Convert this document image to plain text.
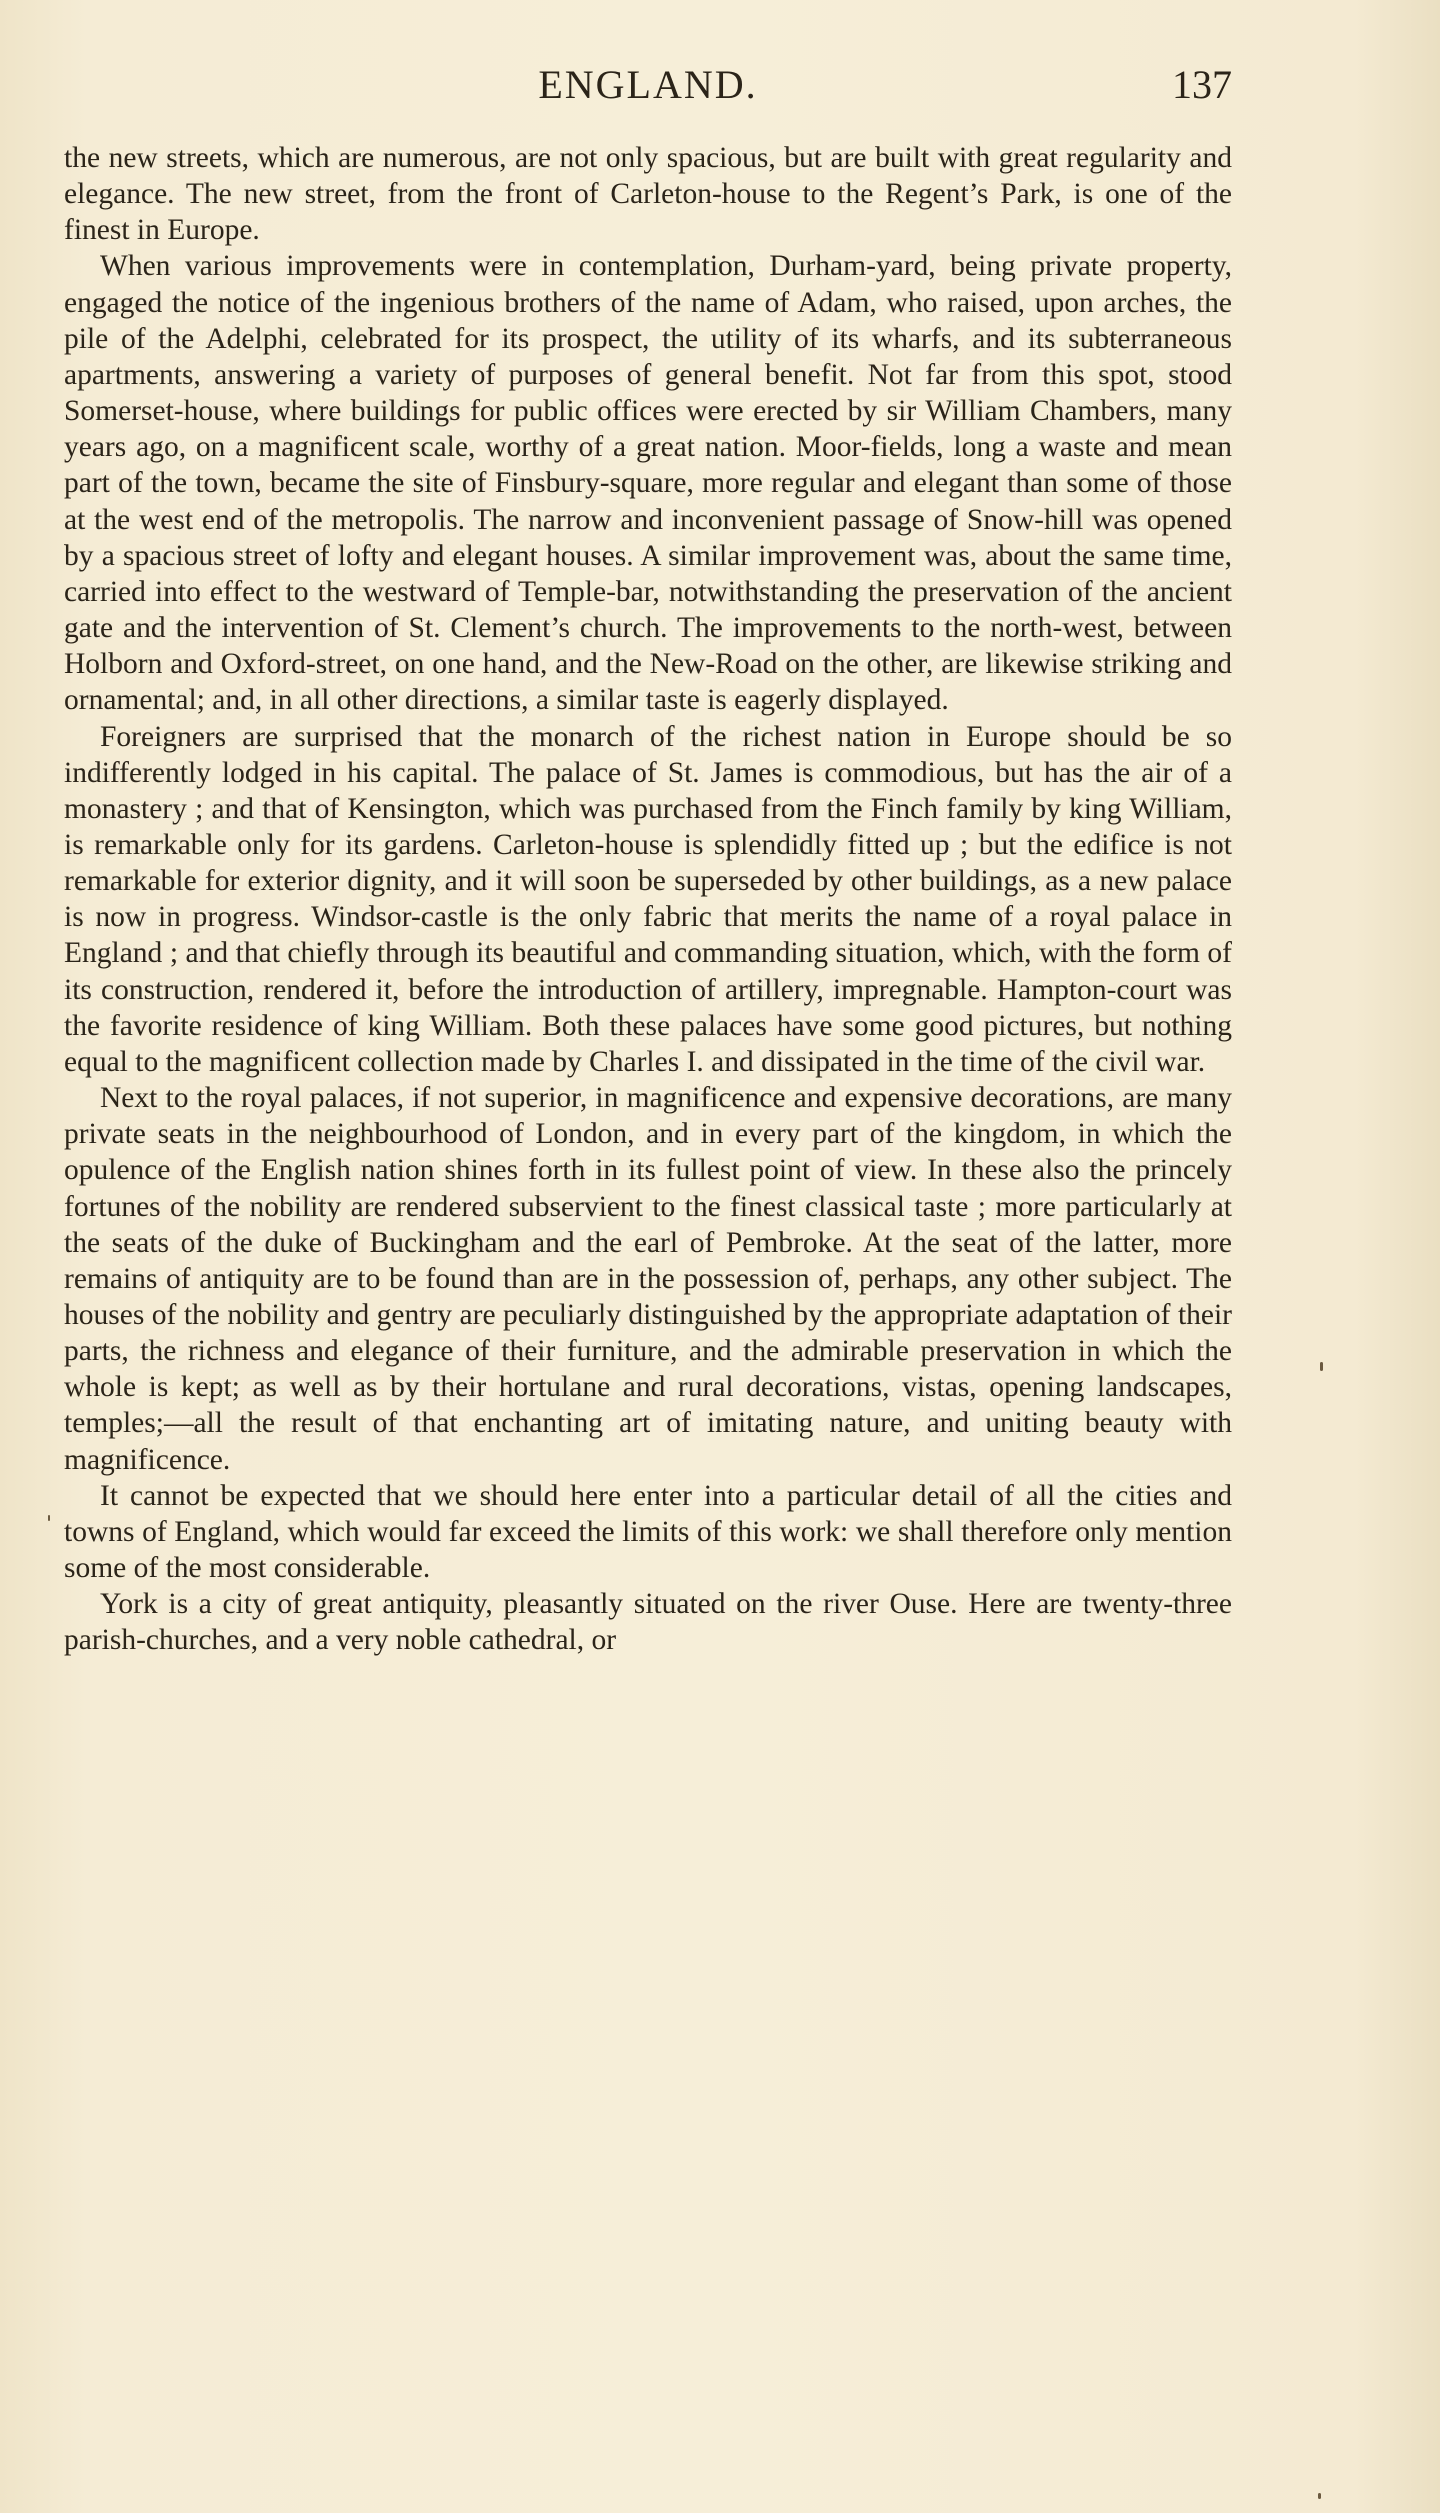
ENGLAND.	137

the new streets, which are numerous, are not only spacious, but are built with great regularity and elegance. The new street, from the front of Carleton-house to the Regent’s Park, is one of the finest in Europe.

When various improvements were in contemplation, Durham-yard, being private property, engaged the notice of the ingenious brothers of the name of Adam, who raised, upon arches, the pile of the Adelphi, celebrated for its prospect, the utility of its wharfs, and its subterraneous apartments, answering a variety of purposes of general benefit. Not far from this spot, stood Somerset-house, where buildings for public offices were erected by sir William Chambers, many years ago, on a magnificent scale, worthy of a great nation. Moor-fields, long a waste and mean part of the town, became the site of Finsbury-square, more regular and elegant than some of those at the west end of the metropolis. The narrow and inconvenient passage of Snow-hill was opened by a spacious street of lofty and elegant houses. A similar improvement was, about the same time, carried into effect to the westward of Temple-bar, notwithstanding the preservation of the ancient gate and the intervention of St. Clement’s church. The improvements to the north-west, between Holborn and Oxford-street, on one hand, and the New-Road on the other, are likewise striking and ornamental; and, in all other directions, a similar taste is eagerly displayed.

Foreigners are surprised that the monarch of the richest nation in Europe should be so indifferently lodged in his capital. The palace of St. James is commodious, but has the air of a monastery ; and that of Kensington, which was purchased from the Finch family by king William, is remarkable only for its gardens. Carleton-house is splendidly fitted up ; but the edifice is not remarkable for exterior dignity, and it will soon be superseded by other buildings, as a new palace is now in progress. Windsor-castle is the only fabric that merits the name of a royal palace in England ; and that chiefly through its beautiful and commanding situation, which, with the form of its construction, rendered it, before the introduction of artillery, impregnable. Hampton-court was the favorite residence of king William. Both these palaces have some good pictures, but nothing equal to the magnificent collection made by Charles I. and dissipated in the time of the civil war.

Next to the royal palaces, if not superior, in magnificence and expensive decorations, are many private seats in the neighbourhood of London, and in every part of the kingdom, in which the opulence of the English nation shines forth in its fullest point of view. In these also the princely fortunes of the nobility are rendered subservient to the finest classical taste ; more particularly at the seats of the duke of Buckingham and the earl of Pembroke. At the seat of the latter, more remains of antiquity are to be found than are in the possession of, perhaps, any other subject. The houses of the nobility and gentry are peculiarly distinguished by the appropriate adaptation of their parts, the richness and elegance of their furniture, and the admirable preservation in which the whole is kept; as well as by their hortulane and rural decorations, vistas, opening landscapes, temples;—all the result of that enchanting art of imitating nature, and uniting beauty with magnificence.

It cannot be expected that we should here enter into a particular detail of all the cities and towns of England, which would far exceed the limits of this work: we shall therefore only mention some of the most considerable.

York is a city of great antiquity, pleasantly situated on the river Ouse. Here are twenty-three parish-churches, and a very noble cathedral, or
